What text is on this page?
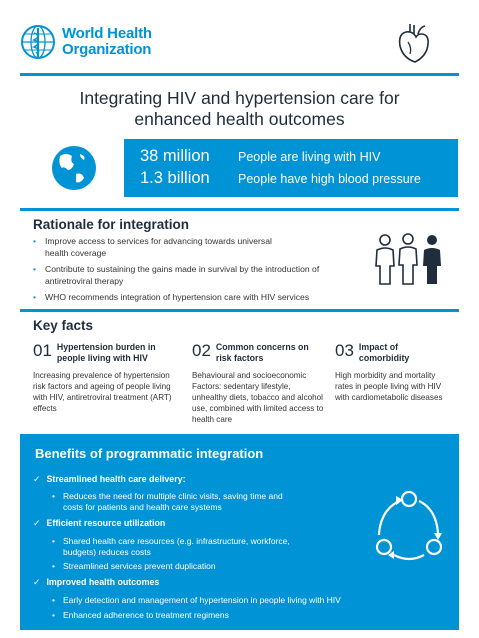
World Health
Organization
Integrating HIV and hypertension care for
enhanced health outcomes
38 million	People are living with HIV
1.3 billion	People have high blood pressure
Rationale for integration
• Improve access to services for advancing towards universal health coverage
• Contribute to sustaining the gains made in survival by the introduction of antiretroviral therapy
• WHO recommends integration of hypertension care with HIV services
Key facts
01 Hypertension burden in people living with HIV
Increasing prevalence of hypertension risk factors and ageing of people living with HIV, antiretroviral treatment (ART) effects
02 Common concerns on risk factors
Behavioural and socioeconomic Factors: sedentary lifestyle, unhealthy diets, tobacco and alcohol use, combined with limited access to health care
03 Impact of comorbidity
High morbidity and mortality rates in people living with HIV with cardiometabolic diseases
Benefits of programmatic integration
✓ Streamlined health care delivery:
• Reduces the need for multiple clinic visits, saving time and costs for patients and health care systems
✓ Efficient resource utilization
• Shared health care resources (e.g. infrastructure, workforce, budgets) reduces costs
• Streamlined services prevent duplication
✓ Improved health outcomes
• Early detection and management of hypertension in people living with HIV
• Enhanced adherence to treatment regimens
